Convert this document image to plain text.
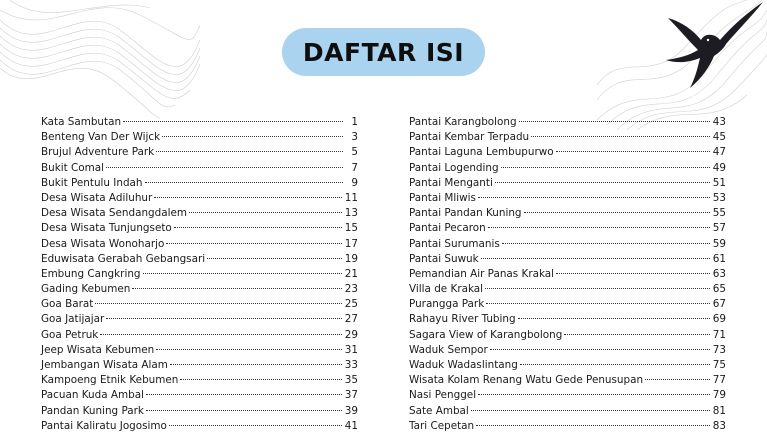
DAFTAR ISI
Kata Sambutan	1
Benteng Van Der Wijck	3
Brujul Adventure Park	5
Bukit Comal	7
Bukit Pentulu Indah	9
Desa Wisata Adiluhur	11
Desa Wisata Sendangdalem	13
Desa Wisata Tunjungseto	15
Desa Wisata Wonoharjo	17
Eduwisata Gerabah Gebangsari	19
Embung Cangkring	21
Gading Kebumen	23
Goa Barat	25
Goa Jatijajar	27
Goa Petruk	29
Jeep Wisata Kebumen	31
Jembangan Wisata Alam	33
Kampoeng Etnik Kebumen	35
Pacuan Kuda Ambal	37
Pandan Kuning Park	39
Pantai Kaliratu Jogosimo	41
Pantai Karangbolong	43
Pantai Kembar Terpadu	45
Pantai Laguna Lembupurwo	47
Pantai Logending	49
Pantai Menganti	51
Pantai Mliwis	53
Pantai Pandan Kuning	55
Pantai Pecaron	57
Pantai Surumanis	59
Pantai Suwuk	61
Pemandian Air Panas Krakal	63
Villa de Krakal	65
Purangga Park	67
Rahayu River Tubing	69
Sagara View of Karangbolong	71
Waduk Sempor	73
Waduk Wadaslintang	75
Wisata Kolam Renang Watu Gede Penusupan	77
Nasi Penggel	79
Sate Ambal	81
Tari Cepetan	83
